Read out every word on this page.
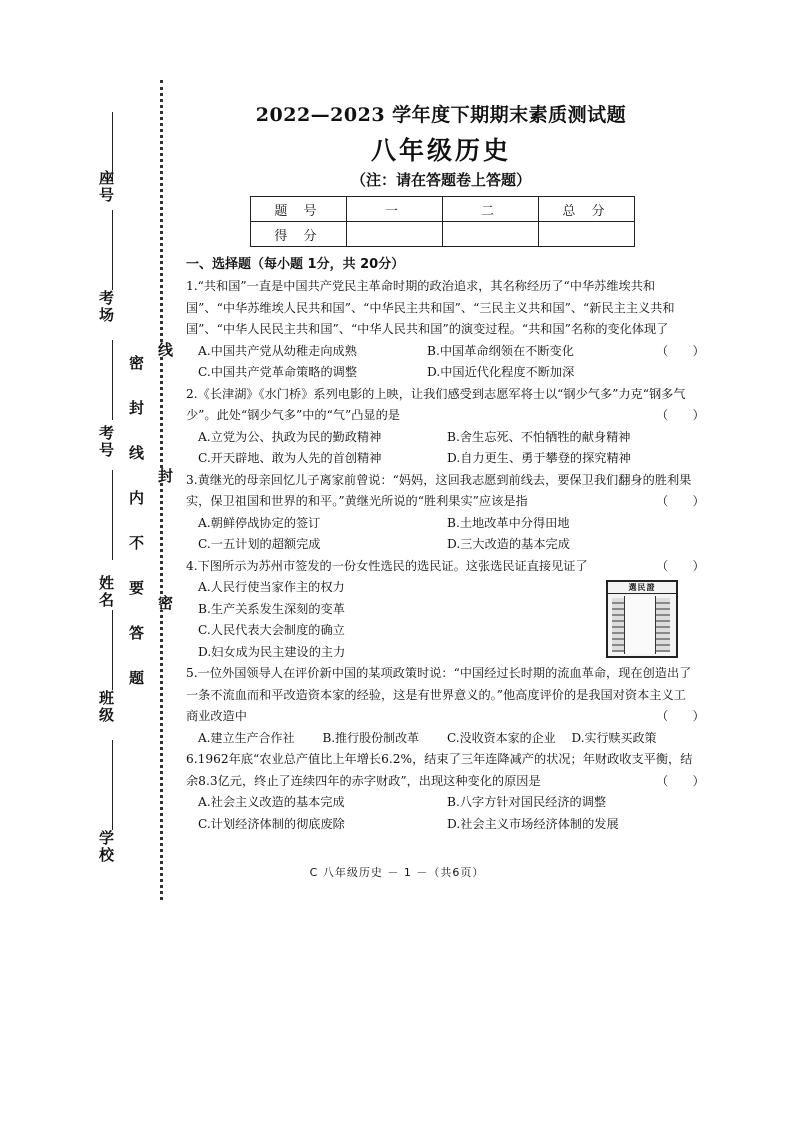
座号
考场
考号
姓名
班级
学校
密封线内不要答题
线
封
密

2022—2023 学年度下期期末素质测试题

八年级历史

（注：请在答题卷上答题）

题 号	一	二	总 分
得 分			
一、选择题（每小题 1分，共 20分）
1.“共和国”一直是中国共产党民主革命时期的政治追求，其名称经历了“中华苏维埃共和国”、“中华苏维埃人民共和国”、“中华民主共和国”、“三民主义共和国”、“新民主主义共和国”、“中华人民民主共和国”、“中华人民共和国”的演变过程。“共和国”名称的变化体现了
（　　）
A.中国共产党从幼稚走向成熟	B.中国革命纲领在不断变化
C.中国共产党革命策略的调整	D.中国近代化程度不断加深
2.《长津湖》《水门桥》系列电影的上映，让我们感受到志愿军将士以“钢少气多”力克“钢多气少”。此处“钢少气多”中的“气”凸显的是	（　　）
A.立党为公、执政为民的勤政精神	B.舍生忘死、不怕牺牲的献身精神
C.开天辟地、敢为人先的首创精神	D.自力更生、勇于攀登的探究精神
3.黄继光的母亲回忆儿子离家前曾说：“妈妈，这回我志愿到前线去，要保卫我们翻身的胜利果实，保卫祖国和世界的和平。”黄继光所说的“胜利果实”应该是指	（　　）
A.朝鲜停战协定的签订	B.土地改革中分得田地
C.一五计划的超额完成	D.三大改造的基本完成
4.下图所示为苏州市签发的一份女性选民的选民证。这张选民证直接见证了	（　　）
A.人民行使当家作主的权力
B.生产关系发生深刻的变革
C.人民代表大会制度的确立
D.妇女成为民主建设的主力
選民證
5.一位外国领导人在评价新中国的某项政策时说：“中国经过长时期的流血革命，现在创造出了一条不流血而和平改造资本家的经验，这是有世界意义的。”他高度评价的是我国对资本主义工商业改造中	（　　）
A.建立生产合作社	B.推行股份制改革	C.没收资本家的企业	D.实行赎买政策
6.1962年底“农业总产值比上年增长6.2%，结束了三年连降减产的状况；年财政收支平衡，结余8.3亿元，终止了连续四年的赤字财政”，出现这种变化的原因是	（　　）
A.社会主义改造的基本完成	B.八字方针对国民经济的调整
C.计划经济体制的彻底废除	D.社会主义市场经济体制的发展
C 八年级历史 － 1 －（共6页）
